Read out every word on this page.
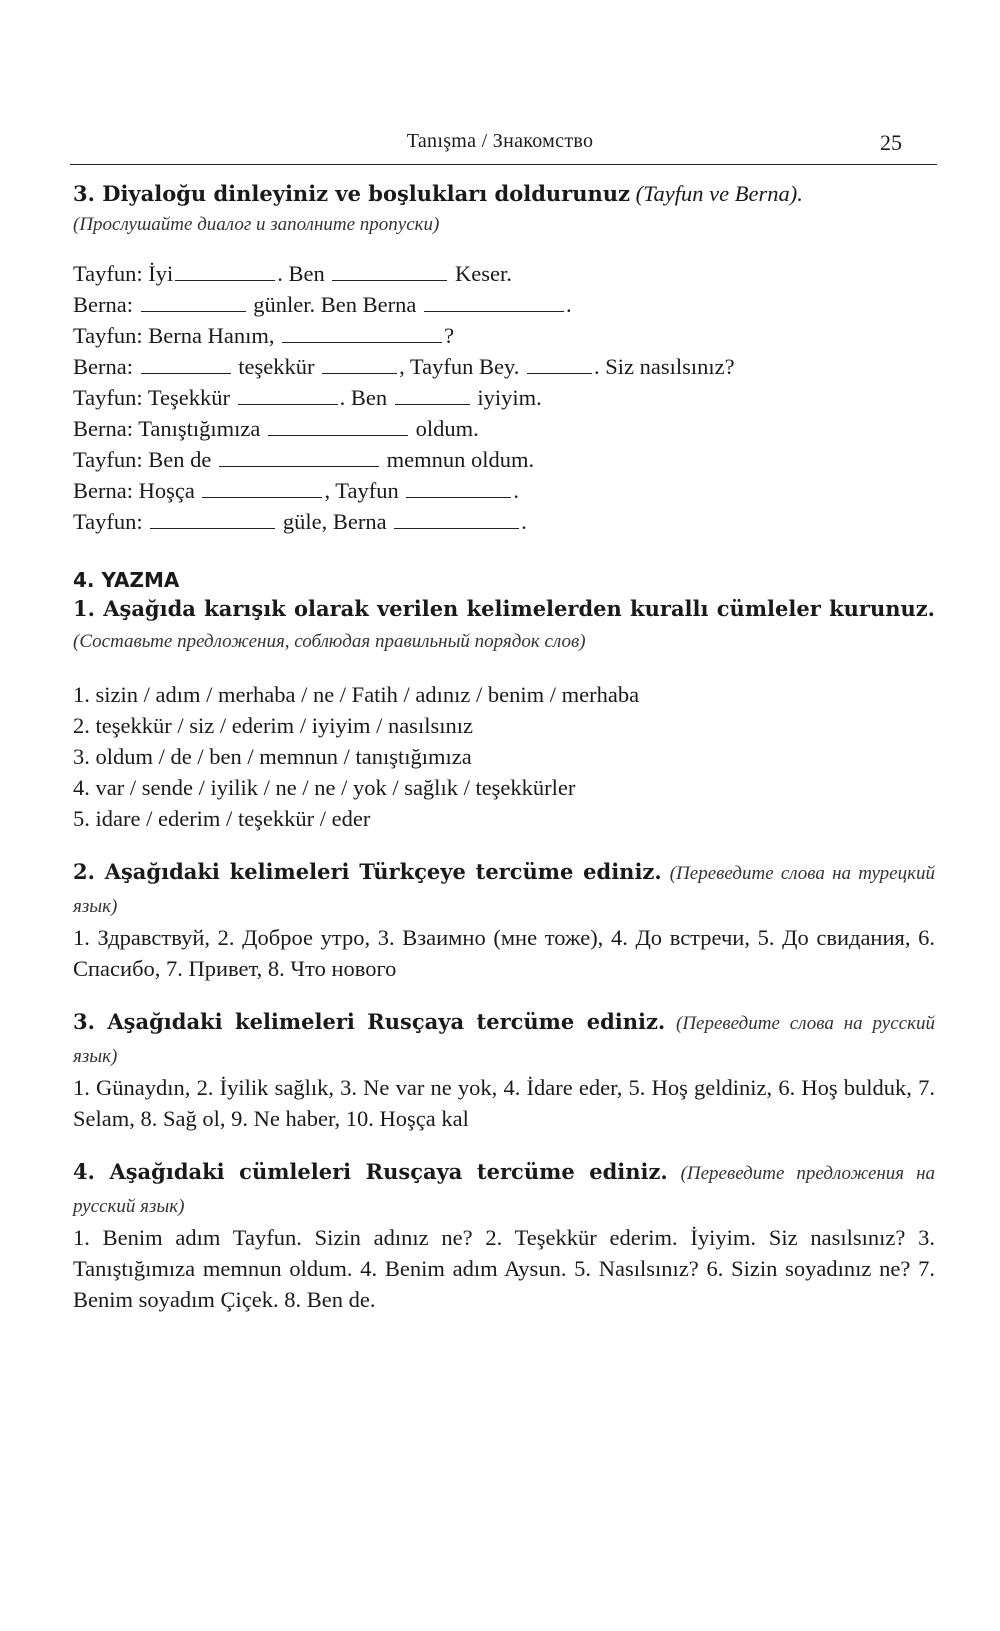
Tanışma / Знакомство	25
3. Diyaloğu dinleyiniz ve boşlukları doldurunuz (Tayfun ve Berna).
(Прослушайте диалог и заполните пропуски)
Tayfun: İyi	. Ben	Keser.
Berna:	günler. Ben Berna	.
Tayfun: Berna Hanım,	?
Berna:	teşekkür	, Tayfun Bey.	. Siz nasılsınız?
Tayfun: Teşekkür	. Ben	iyiyim.
Berna: Tanıştığımıza	oldum.
Tayfun: Ben de	memnun oldum.
Berna: Hoşça	, Tayfun	.
Tayfun:	güle, Berna	.
4. YAZMA
1. Aşağıda karışık olarak verilen kelimelerden kurallı cümleler kurunuz. (Составьте предложения, соблюдая правильный порядок слов)
1. sizin / adım / merhaba / ne / Fatih / adınız / benim / merhaba
2. teşekkür / siz / ederim / iyiyim / nasılsınız
3. oldum / de / ben / memnun / tanıştığımıza
4. var / sende / iyilik / ne / ne / yok / sağlık / teşekkürler
5. idare / ederim / teşekkür / eder
2. Aşağıdaki kelimeleri Türkçeye tercüme ediniz. (Переведите слова на турецкий язык)
1. Здравствуй, 2. Доброе утро, 3. Взаимно (мне тоже), 4. До встречи, 5. До свидания, 6. Спасибо, 7. Привет, 8. Что нового
3. Aşağıdaki kelimeleri Rusçaya tercüme ediniz. (Переведите слова на русский язык)
1. Günaydın, 2. İyilik sağlık, 3. Ne var ne yok, 4. İdare eder, 5. Hoş geldiniz, 6. Hoş bulduk, 7. Selam, 8. Sağ ol, 9. Ne haber, 10. Hoşça kal
4. Aşağıdaki cümleleri Rusçaya tercüme ediniz. (Переведите предложения на русский язык)
1. Benim adım Tayfun. Sizin adınız ne? 2. Teşekkür ederim. İyiyim. Siz nasılsınız? 3. Tanıştığımıza memnun oldum. 4. Benim adım Aysun. 5. Nasılsınız? 6. Sizin soyadınız ne? 7. Benim soyadım Çiçek. 8. Ben de.
